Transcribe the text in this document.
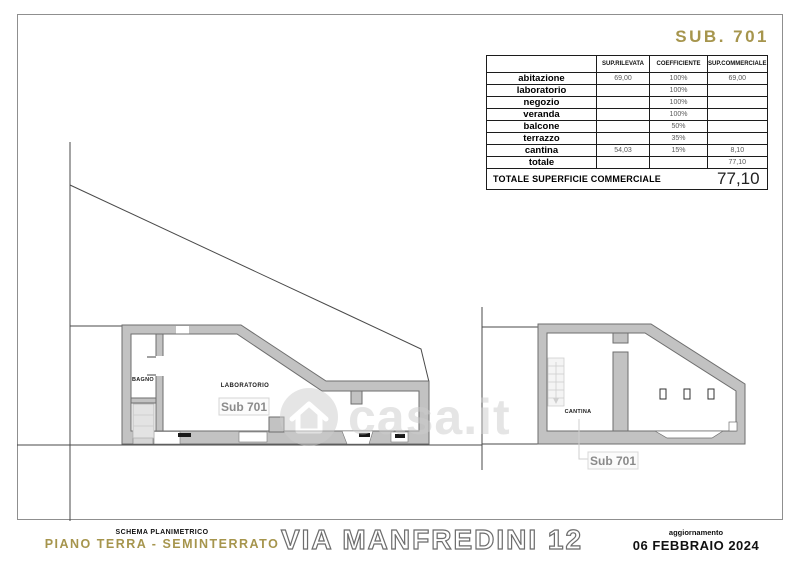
SUB. 701
	SUP.RILEVATA	COEFFICIENTE	SUP.COMMERCIALE
abitazione	69,00	100%	69,00
laboratorio		100%	
negozio		100%	
veranda		100%	
balcone		50%	
terrazzo		35%	
cantina	54,03	15%	8,10
totale			77,10

TOTALE SUPERFICIE COMMERCIALE 77,10			
BAGNO
LABORATORIO
Sub 701	CANTINA
Sub 701
casa.it
SCHEMA PLANIMETRICO
PIANO TERRA - SEMINTERRATO VIA MANFREDINI 12	aggiornamento
06 FEBBRAIO 2024
